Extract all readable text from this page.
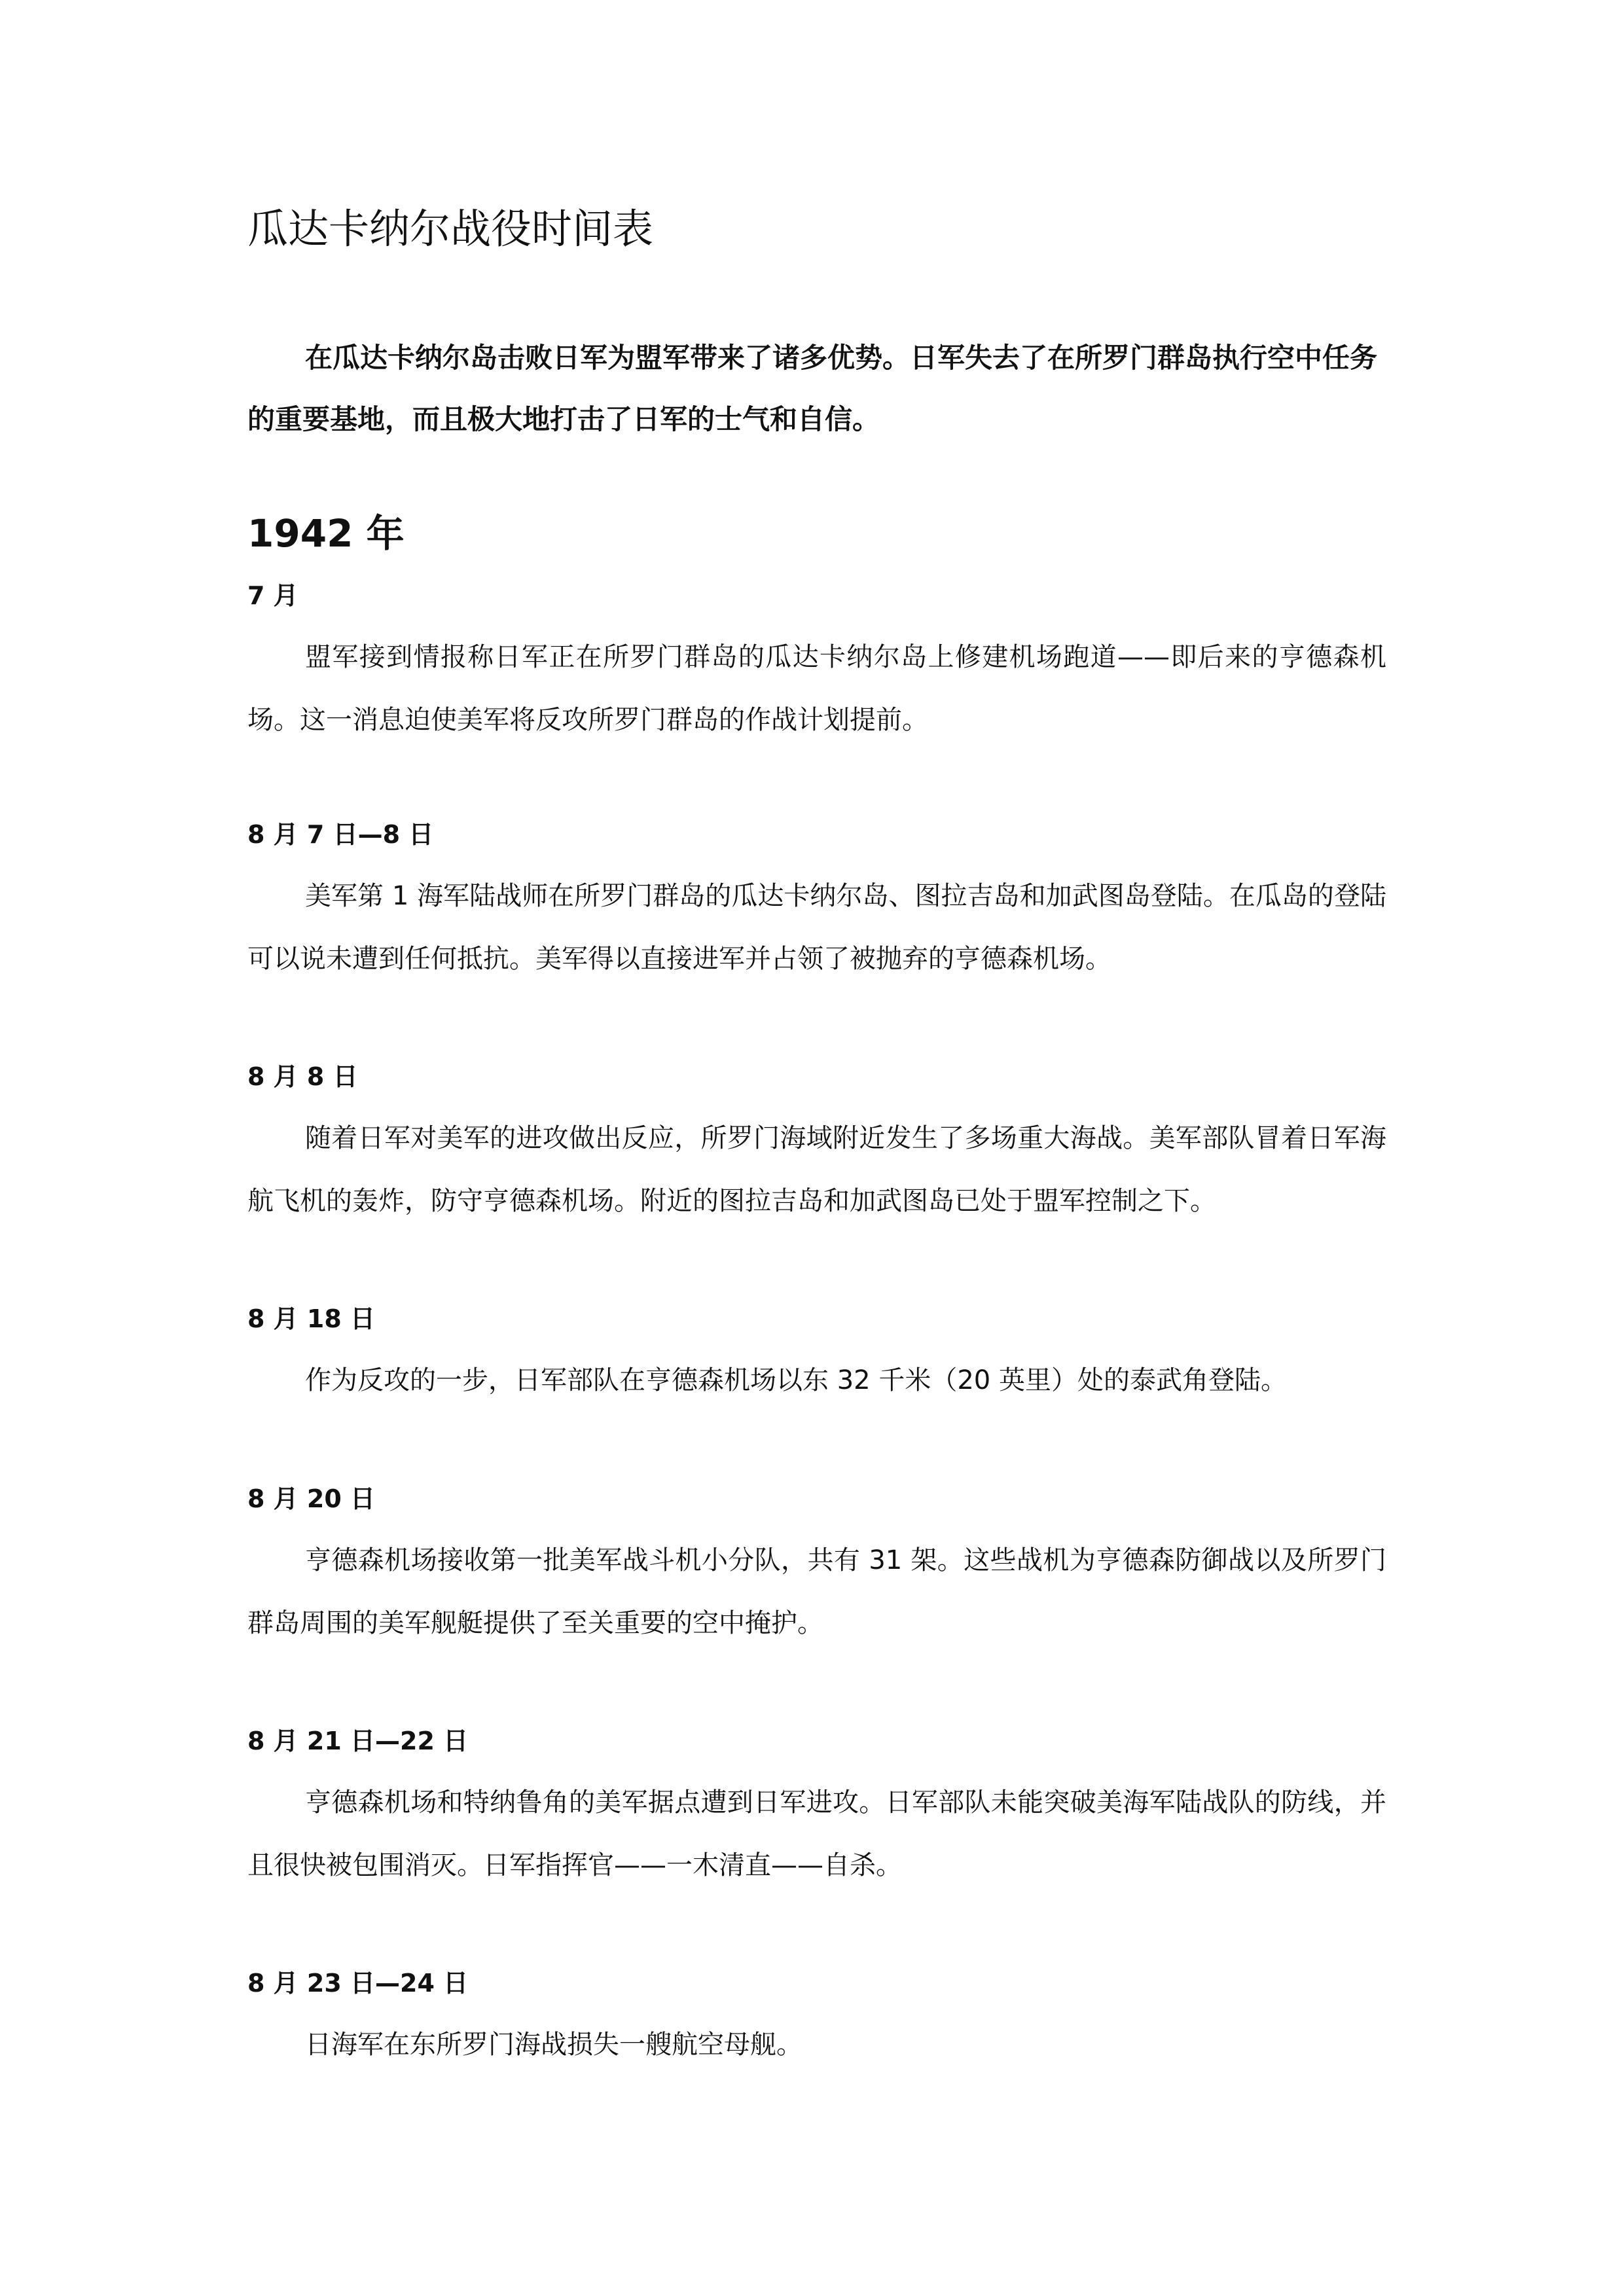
瓜达卡纳尔战役时间表

在瓜达卡纳尔岛击败日军为盟军带来了诸多优势。日军失去了在所罗门群岛执行空中任务的重要基地，而且极大地打击了日军的士气和自信。

1942 年

7 月

盟军接到情报称日军正在所罗门群岛的瓜达卡纳尔岛上修建机场跑道——即后来的亨德森机场。这一消息迫使美军将反攻所罗门群岛的作战计划提前。

8 月 7 日—8 日

美军第 1 海军陆战师在所罗门群岛的瓜达卡纳尔岛、图拉吉岛和加武图岛登陆。在瓜岛的登陆可以说未遭到任何抵抗。美军得以直接进军并占领了被抛弃的亨德森机场。

8 月 8 日

随着日军对美军的进攻做出反应，所罗门海域附近发生了多场重大海战。美军部队冒着日军海航飞机的轰炸，防守亨德森机场。附近的图拉吉岛和加武图岛已处于盟军控制之下。

8 月 18 日

作为反攻的一步，日军部队在亨德森机场以东 32 千米（20 英里）处的泰武角登陆。

8 月 20 日

亨德森机场接收第一批美军战斗机小分队，共有 31 架。这些战机为亨德森防御战以及所罗门群岛周围的美军舰艇提供了至关重要的空中掩护。

8 月 21 日—22 日

亨德森机场和特纳鲁角的美军据点遭到日军进攻。日军部队未能突破美海军陆战队的防线，并且很快被包围消灭。日军指挥官——一木清直——自杀。

8 月 23 日—24 日

日海军在东所罗门海战损失一艘航空母舰。
